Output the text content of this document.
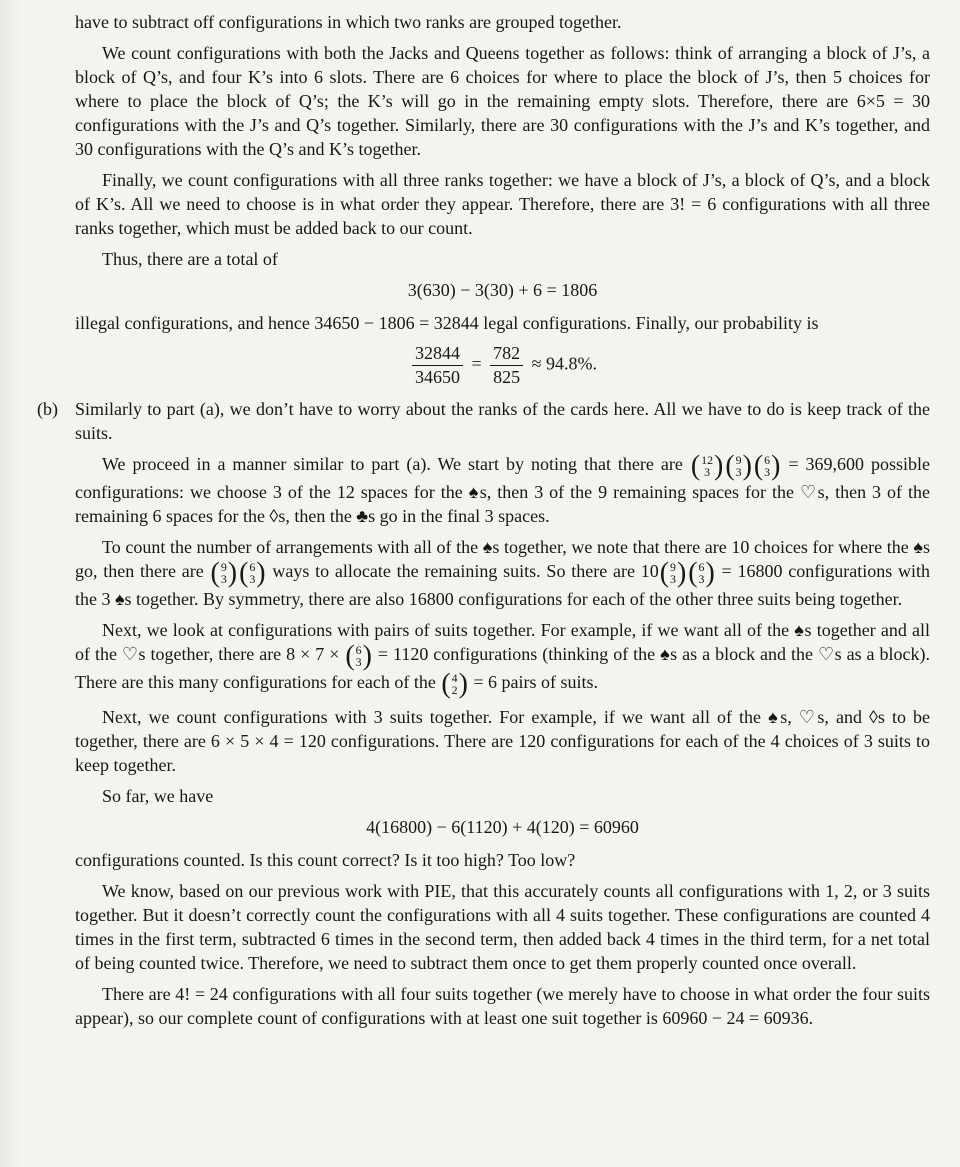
have to subtract off configurations in which two ranks are grouped together.
We count configurations with both the Jacks and Queens together as follows: think of arranging a block of J’s, a block of Q’s, and four K’s into 6 slots. There are 6 choices for where to place the block of J’s, then 5 choices for where to place the block of Q’s; the K’s will go in the remaining empty slots. Therefore, there are 6×5 = 30 configurations with the J’s and Q’s together. Similarly, there are 30 configurations with the J’s and K’s together, and 30 configurations with the Q’s and K’s together.
Finally, we count configurations with all three ranks together: we have a block of J’s, a block of Q’s, and a block of K’s. All we need to choose is in what order they appear. Therefore, there are 3! = 6 configurations with all three ranks together, which must be added back to our count.
Thus, there are a total of
3(630) − 3(30) + 6 = 1806
illegal configurations, and hence 34650 − 1806 = 32844 legal configurations. Finally, our probability is
$\frac{32844}{34650} = \frac{782}{825} \approx 94.8\%$.
(b) Similarly to part (a), we don’t have to worry about the ranks of the cards here. All we have to do is keep track of the suits.
We proceed in a manner similar to part (a). We start by noting that there are ( 12
3 ) ( 9
3 ) ( 6
3 ) = 369,600 possible configurations: we choose 3 of the 12 spaces for the ♠s, then 3 of the 9 remaining spaces for the ♡s, then 3 of the remaining 6 spaces for the ◊s, then the ♣s go in the final 3 spaces.
To count the number of arrangements with all of the ♠s together, we note that there are 10 choices for where the ♠s go, then there are ( 9
3 ) ( 6
3 ) ways to allocate the remaining suits. So there are 10 ( 9
3 ) ( 6
3 ) = 16800 configurations with the 3 ♠s together. By symmetry, there are also 16800 configurations for each of the other three suits being together.
Next, we look at configurations with pairs of suits together. For example, if we want all of the ♠s together and all of the ♡s together, there are 8 × 7 × ( 6
3 ) = 1120 configurations (thinking of the ♠s as a block and the ♡s as a block). There are this many configurations for each of the ( 4
2 ) = 6 pairs of suits.
Next, we count configurations with 3 suits together. For example, if we want all of the ♠s, ♡s, and ◊s to be together, there are 6 × 5 × 4 = 120 configurations. There are 120 configurations for each of the 4 choices of 3 suits to keep together.
So far, we have
4(16800) − 6(1120) + 4(120) = 60960
configurations counted. Is this count correct? Is it too high? Too low?
We know, based on our previous work with PIE, that this accurately counts all configurations with 1, 2, or 3 suits together. But it doesn’t correctly count the configurations with all 4 suits together. These configurations are counted 4 times in the first term, subtracted 6 times in the second term, then added back 4 times in the third term, for a net total of being counted twice. Therefore, we need to subtract them once to get them properly counted once overall.
There are 4! = 24 configurations with all four suits together (we merely have to choose in what order the four suits appear), so our complete count of configurations with at least one suit together is 60960 − 24 = 60936.
